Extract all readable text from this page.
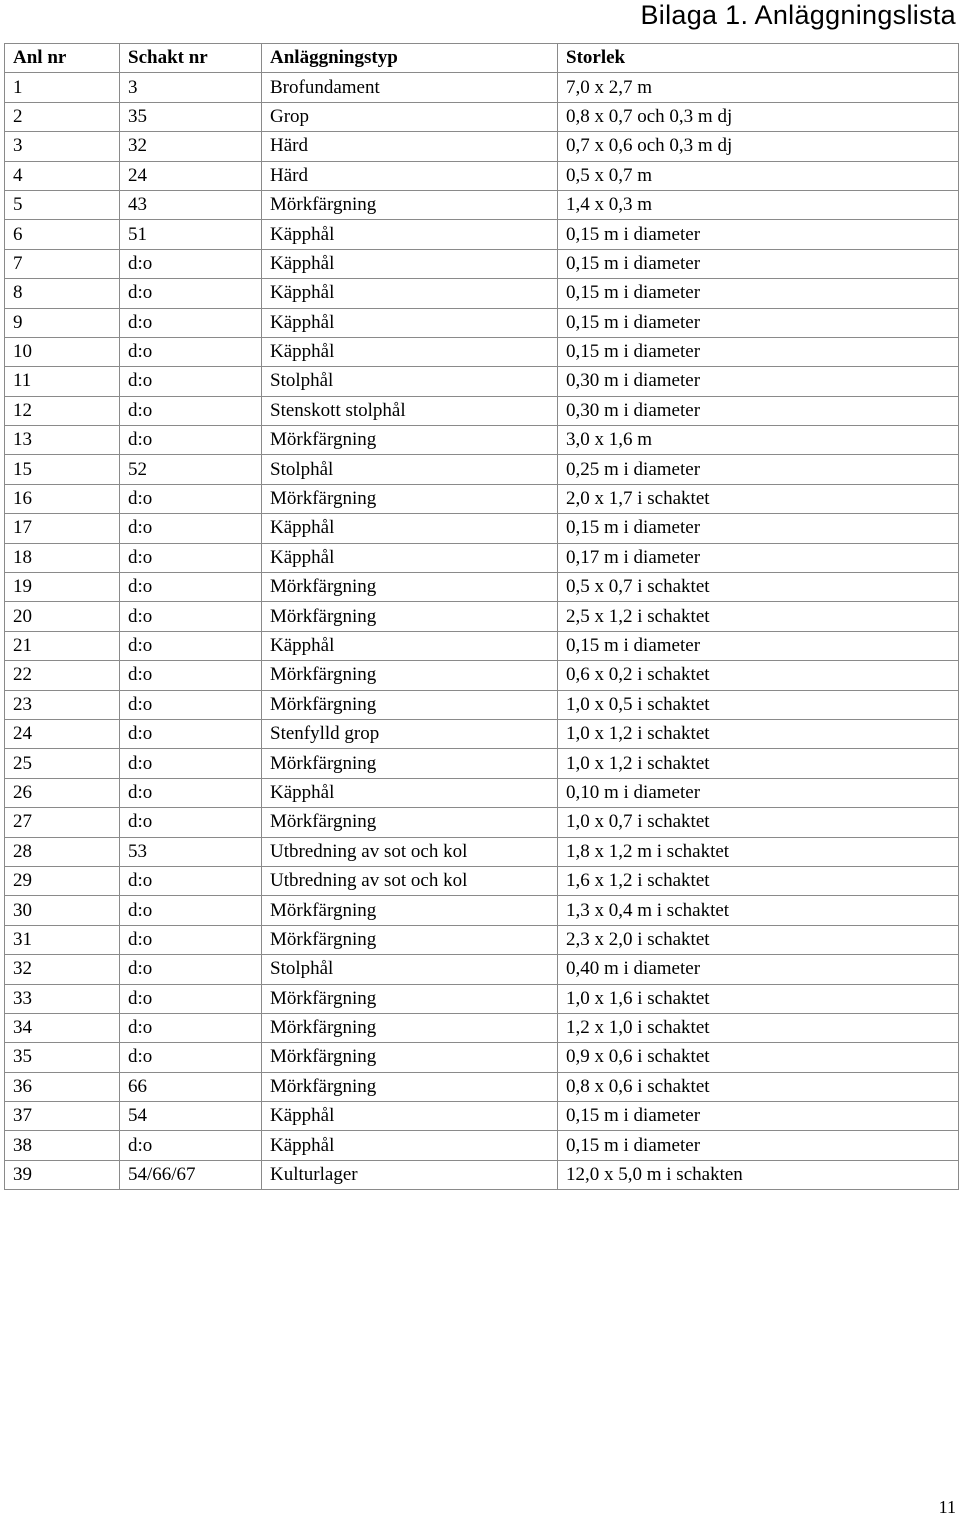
Bilaga 1. Anläggningslista
Anl nr	Schakt nr	Anläggningstyp	Storlek
1	3	Brofundament	7,0 x 2,7 m
2	35	Grop	0,8 x 0,7 och 0,3 m dj
3	32	Härd	0,7 x 0,6 och 0,3 m dj
4	24	Härd	0,5 x 0,7 m
5	43	Mörkfärgning	1,4 x 0,3 m
6	51	Käpphål	0,15 m i diameter
7	d:o	Käpphål	0,15 m i diameter
8	d:o	Käpphål	0,15 m i diameter
9	d:o	Käpphål	0,15 m i diameter
10	d:o	Käpphål	0,15 m i diameter
11	d:o	Stolphål	0,30 m i diameter
12	d:o	Stenskott stolphål	0,30 m i diameter
13	d:o	Mörkfärgning	3,0 x 1,6 m
15	52	Stolphål	0,25 m i diameter
16	d:o	Mörkfärgning	2,0 x 1,7 i schaktet
17	d:o	Käpphål	0,15 m i diameter
18	d:o	Käpphål	0,17 m i diameter
19	d:o	Mörkfärgning	0,5 x 0,7 i schaktet
20	d:o	Mörkfärgning	2,5 x 1,2 i schaktet
21	d:o	Käpphål	0,15 m i diameter
22	d:o	Mörkfärgning	0,6 x 0,2 i schaktet
23	d:o	Mörkfärgning	1,0 x 0,5 i schaktet
24	d:o	Stenfylld grop	1,0 x 1,2 i schaktet
25	d:o	Mörkfärgning	1,0 x 1,2 i schaktet
26	d:o	Käpphål	0,10 m i diameter
27	d:o	Mörkfärgning	1,0 x 0,7 i schaktet
28	53	Utbredning av sot och kol	1,8 x 1,2 m i schaktet
29	d:o	Utbredning av sot och kol	1,6 x 1,2 i schaktet
30	d:o	Mörkfärgning	1,3 x 0,4 m i schaktet
31	d:o	Mörkfärgning	2,3 x 2,0 i schaktet
32	d:o	Stolphål	0,40 m i diameter
33	d:o	Mörkfärgning	1,0 x 1,6 i schaktet
34	d:o	Mörkfärgning	1,2 x 1,0 i schaktet
35	d:o	Mörkfärgning	0,9 x 0,6 i schaktet
36	66	Mörkfärgning	0,8 x 0,6 i schaktet
37	54	Käpphål	0,15 m i diameter
38	d:o	Käpphål	0,15 m i diameter
39	54/66/67	Kulturlager	12,0 x 5,0 m i schakten
11
